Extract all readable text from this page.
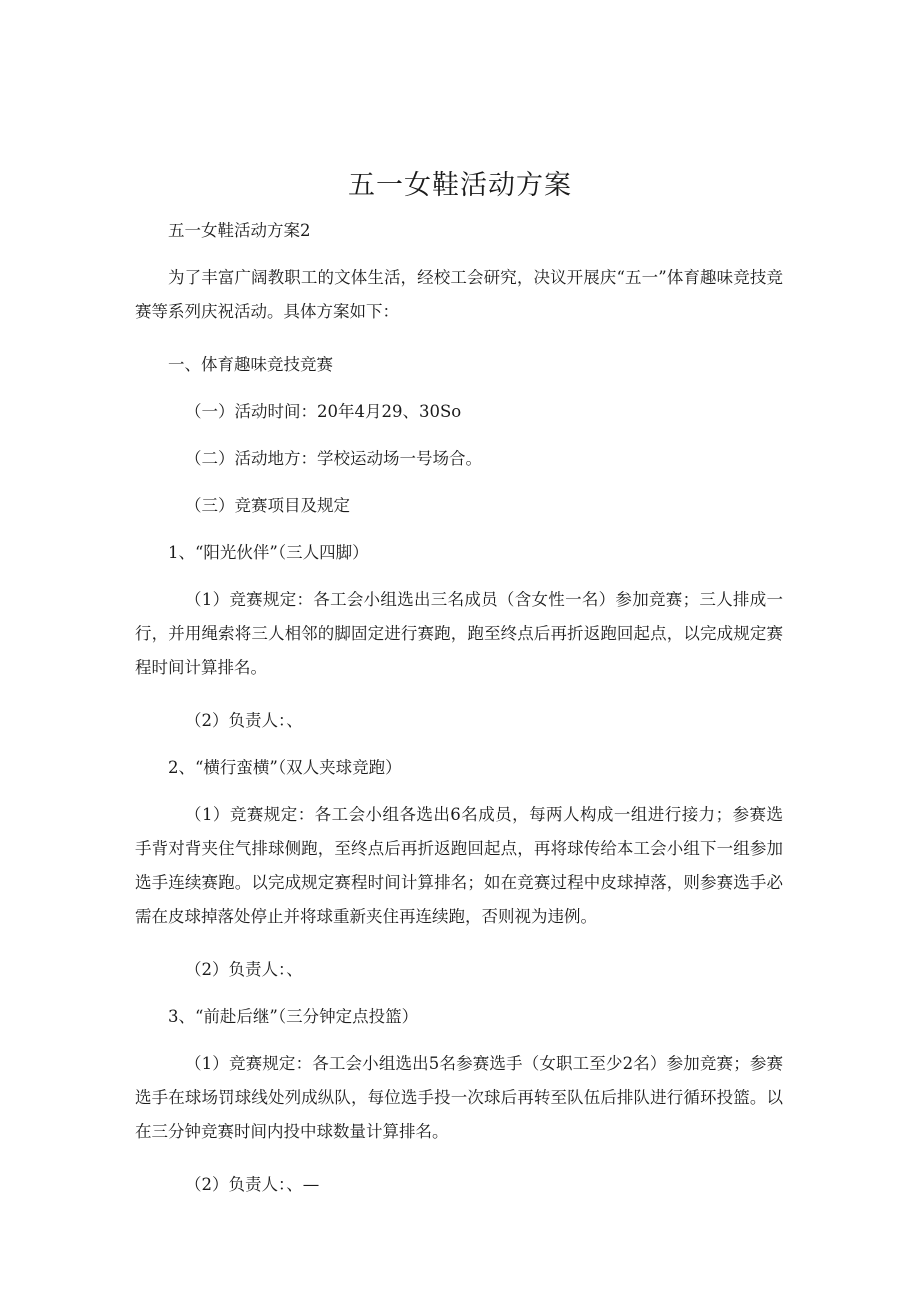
五一女鞋活动方案

五一女鞋活动方案2

为了丰富广阔教职工的文体生活，经校工会研究，决议开展庆“五一”体育趣味竞技竞赛等系列庆祝活动。具体方案如下：

一、体育趣味竞技竞赛

（一）活动时间：20年4月29、30So

（二）活动地方：学校运动场一号场合。

（三）竞赛项目及规定

1、“阳光伙伴”（三人四脚）

（1）竞赛规定：各工会小组选出三名成员（含女性一名）参加竞赛；三人排成一行，并用绳索将三人相邻的脚固定进行赛跑，跑至终点后再折返跑回起点，以完成规定赛程时间计算排名。

（2）负责人：、

2、“横行蛮横”（双人夹球竞跑）

（1）竞赛规定：各工会小组各选出6名成员，每两人构成一组进行接力；参赛选手背对背夹住气排球侧跑，至终点后再折返跑回起点，再将球传给本工会小组下一组参加选手连续赛跑。以完成规定赛程时间计算排名；如在竞赛过程中皮球掉落，则参赛选手必需在皮球掉落处停止并将球重新夹住再连续跑，否则视为违例。

（2）负责人：、

3、“前赴后继”（三分钟定点投篮）

（1）竞赛规定：各工会小组选出5名参赛选手（女职工至少2名）参加竞赛；参赛选手在球场罚球线处列成纵队，每位选手投一次球后再转至队伍后排队进行循环投篮。以在三分钟竞赛时间内投中球数量计算排名。

（2）负责人：、—
